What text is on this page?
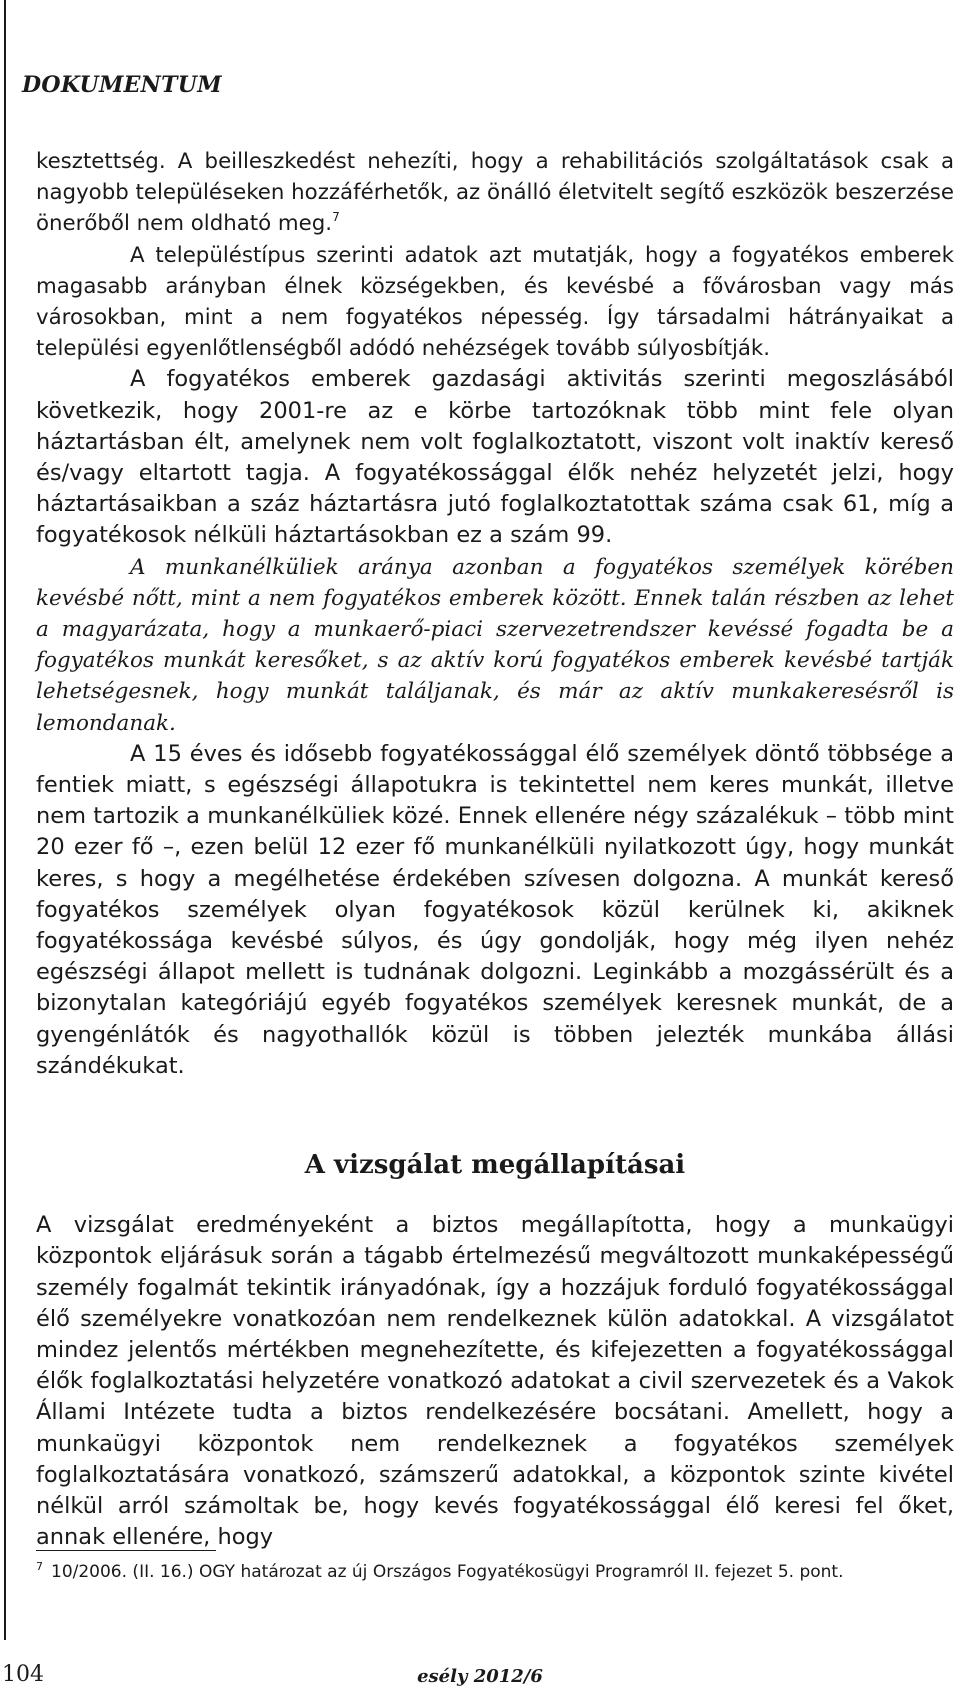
DOKUMENTUM

kesztettség. A beilleszkedést nehezíti, hogy a rehabilitációs szolgáltatások csak a nagyobb településeken hozzáférhetők, az önálló életvitelt segítő eszközök beszerzése önerőből nem oldható meg.$^7$

A településtípus szerinti adatok azt mutatják, hogy a fogyatékos emberek magasabb arányban élnek községekben, és kevésbé a fővárosban vagy más városokban, mint a nem fogyatékos népesség. Így társadalmi hátrányaikat a települési egyenlőtlenségből adódó nehézségek tovább súlyosbítják.

A fogyatékos emberek gazdasági aktivitás szerinti megoszlásából következik, hogy 2001-re az e körbe tartozóknak több mint fele olyan háztartásban élt, amelynek nem volt foglalkoztatott, viszont volt inaktív kereső és/vagy eltartott tagja. A fogyatékossággal élők nehéz helyzetét jelzi, hogy háztartásaikban a száz háztartásra jutó foglalkoztatottak száma csak 61, míg a fogyatékosok nélküli háztartásokban ez a szám 99.

A munkanélküliek aránya azonban a fogyatékos személyek körében kevésbé nőtt, mint a nem fogyatékos emberek között. Ennek talán részben az lehet a magyarázata, hogy a munkaerő-piaci szervezetrendszer kevéssé fogadta be a fogyatékos munkát keresőket, s az aktív korú fogyatékos emberek kevésbé tartják lehetségesnek, hogy munkát találjanak, és már az aktív munkakeresésről is lemondanak.

A 15 éves és idősebb fogyatékossággal élő személyek döntő többsége a fentiek miatt, s egészségi állapotukra is tekintettel nem keres munkát, illetve nem tartozik a munkanélküliek közé. Ennek ellenére négy százalékuk – több mint 20 ezer fő –, ezen belül 12 ezer fő munkanélküli nyilatkozott úgy, hogy munkát keres, s hogy a megélhetése érdekében szívesen dolgozna. A munkát kereső fogyatékos személyek olyan fogyatékosok közül kerülnek ki, akiknek fogyatékossága kevésbé súlyos, és úgy gondolják, hogy még ilyen nehéz egészségi állapot mellett is tudnának dolgozni. Leginkább a mozgássérült és a bizonytalan kategóriájú egyéb fogyatékos személyek keresnek munkát, de a gyengénlátók és nagyothallók közül is többen jelezték munkába állási szándékukat.

A vizsgálat megállapításai

A vizsgálat eredményeként a biztos megállapította, hogy a munkaügyi központok eljárásuk során a tágabb értelmezésű megváltozott munkaképességű személy fogalmát tekintik irányadónak, így a hozzájuk forduló fogyatékossággal élő személyekre vonatkozóan nem rendelkeznek külön adatokkal. A vizsgálatot mindez jelentős mértékben megnehezítette, és kifejezetten a fogyatékossággal élők foglalkoztatási helyzetére vonatkozó adatokat a civil szervezetek és a Vakok Állami Intézete tudta a biztos rendelkezésére bocsátani. Amellett, hogy a munkaügyi központok nem rendelkeznek a fogyatékos személyek foglalkoztatására vonatkozó, számszerű adatokkal, a központok szinte kivétel nélkül arról számoltak be, hogy kevés fogyatékossággal élő keresi fel őket, annak ellenére, hogy

$^7$ 10/2006. (II. 16.) OGY határozat az új Országos Fogyatékosügyi Programról II. fejezet 5. pont.
104	esély 2012/6
